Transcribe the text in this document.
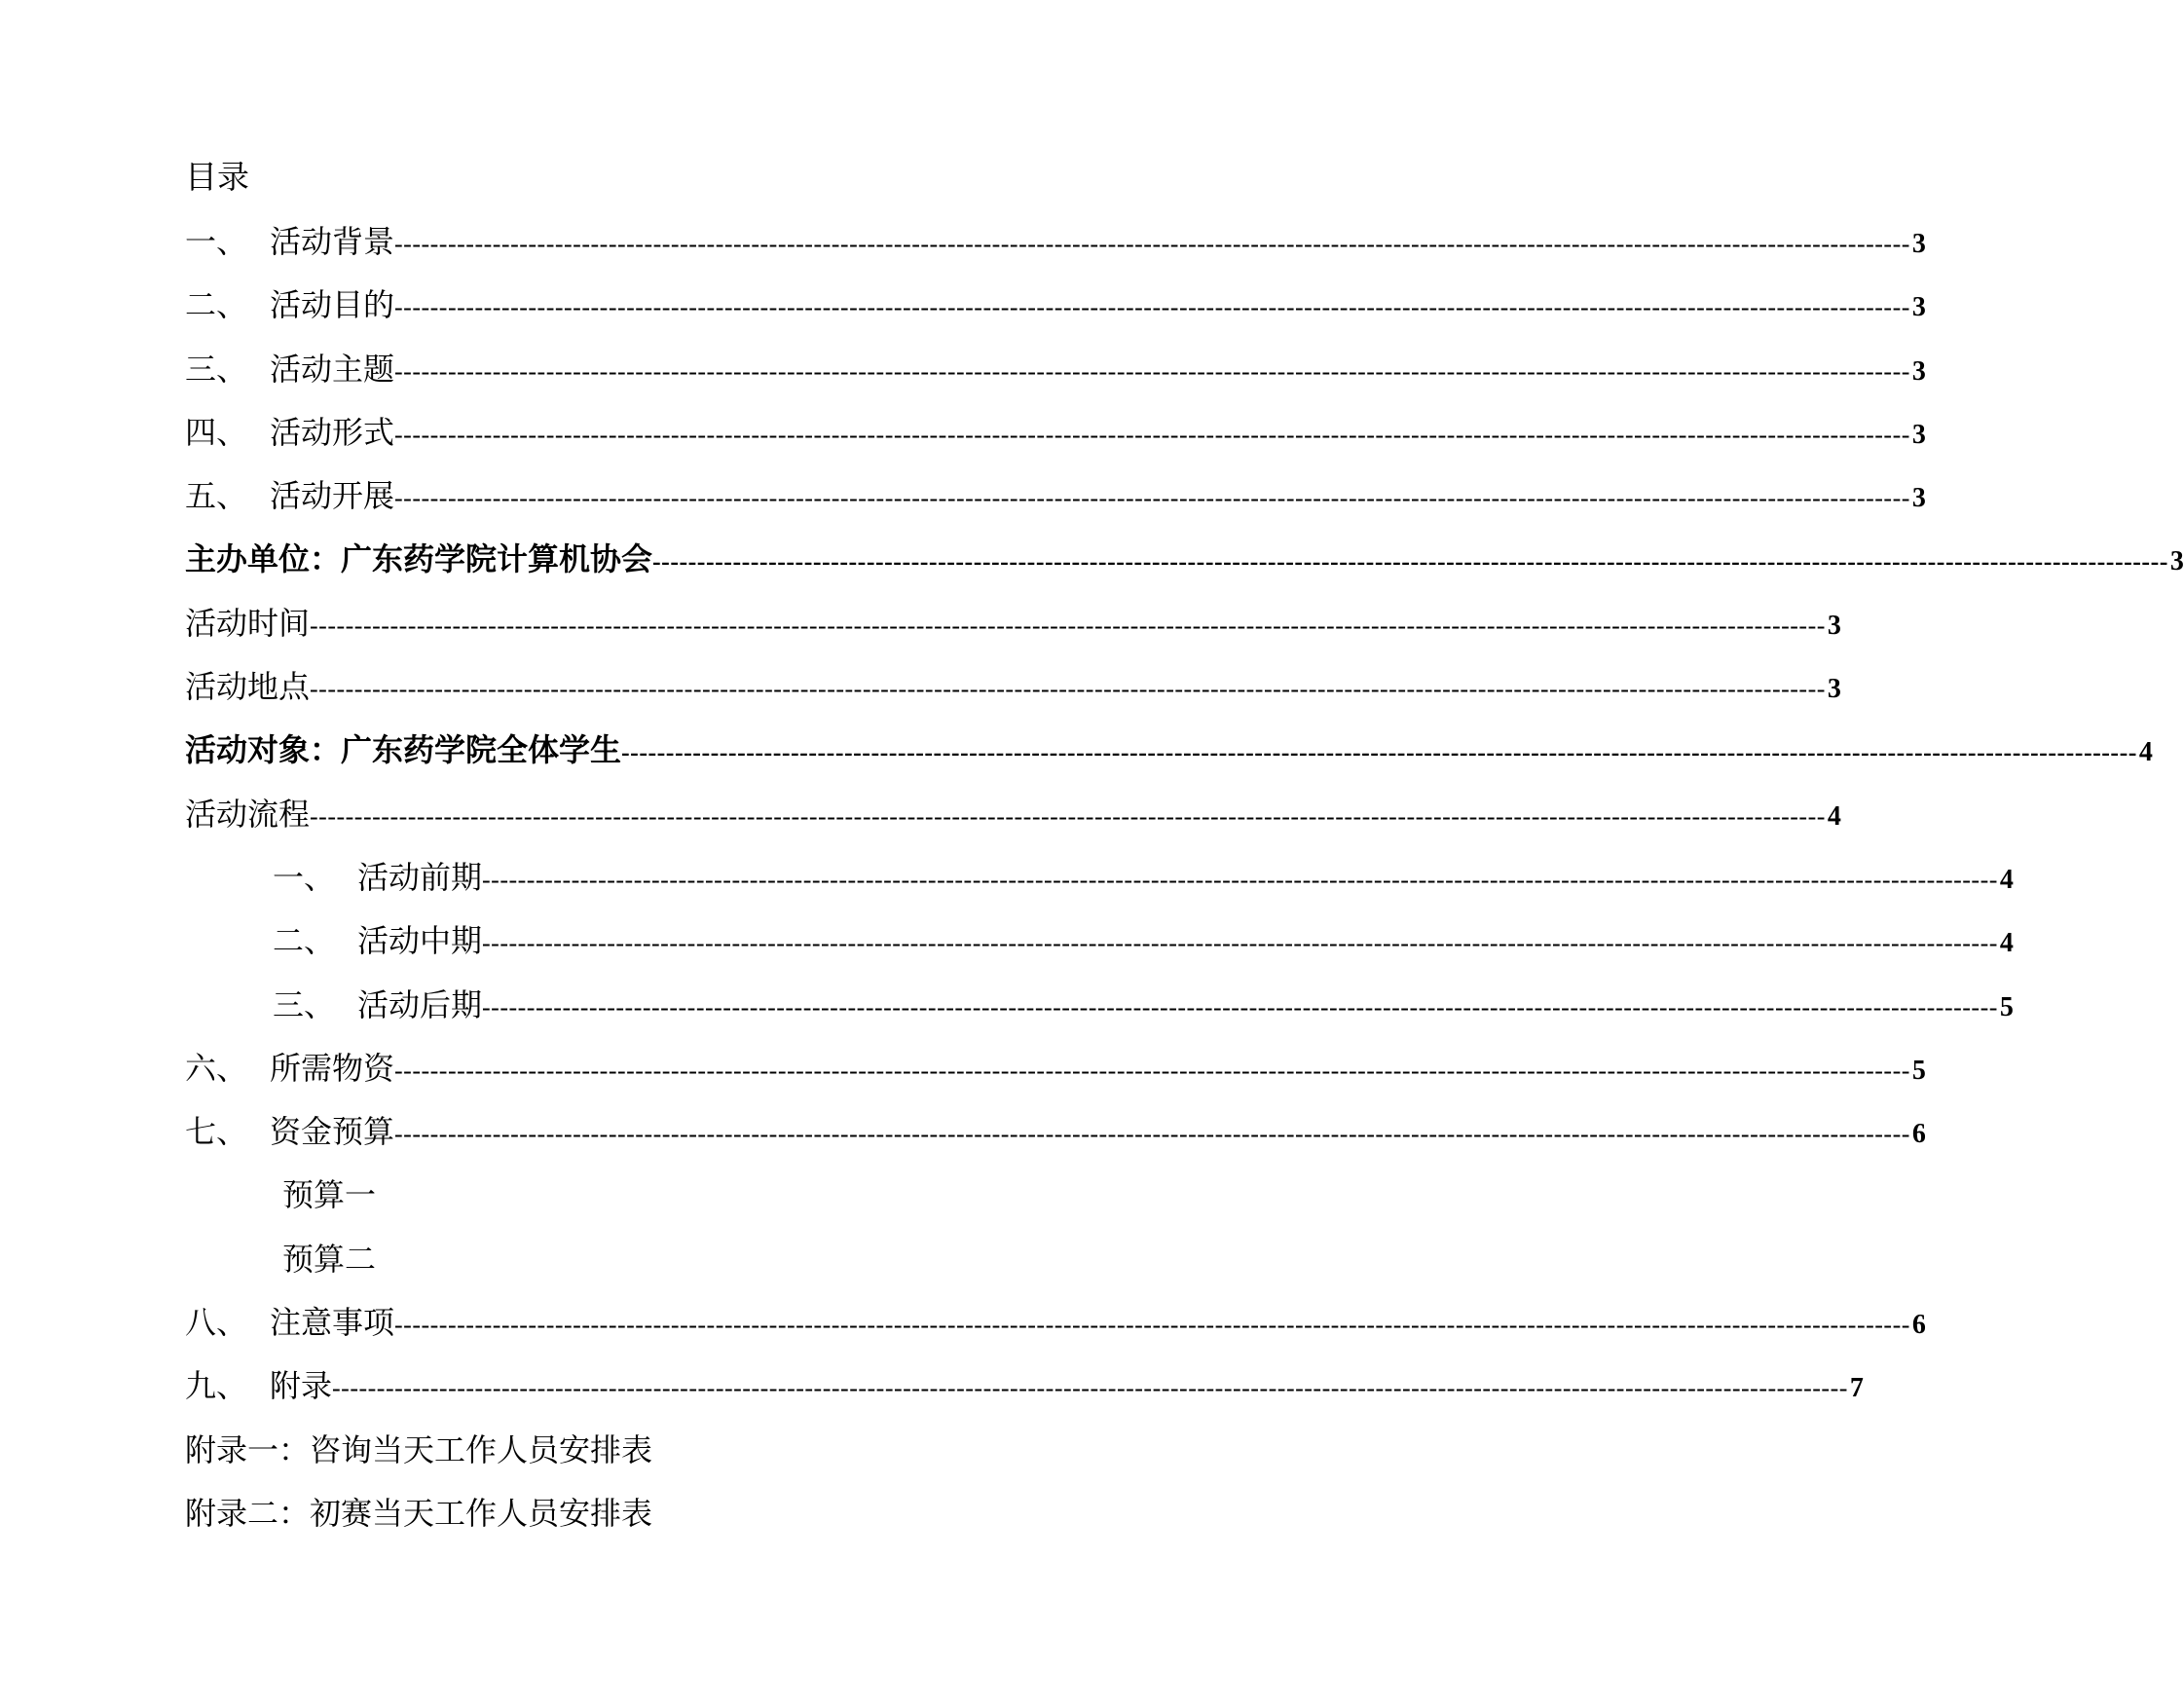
目录
一、 活动背景 -------------------------------------------------------------------------------------------------------------------------------------------------------------------------- 3
二、 活动目的 -------------------------------------------------------------------------------------------------------------------------------------------------------------------------- 3
三、 活动主题 -------------------------------------------------------------------------------------------------------------------------------------------------------------------------- 3
四、 活动形式 -------------------------------------------------------------------------------------------------------------------------------------------------------------------------- 3
五、 活动开展 -------------------------------------------------------------------------------------------------------------------------------------------------------------------------- 3
主办单位：广东药学院计算机协会 -------------------------------------------------------------------------------------------------------------------------------------------------------------------------- 3
活动时间 -------------------------------------------------------------------------------------------------------------------------------------------------------------------------- 3
活动地点 -------------------------------------------------------------------------------------------------------------------------------------------------------------------------- 3
活动对象：广东药学院全体学生 -------------------------------------------------------------------------------------------------------------------------------------------------------------------------- 4
活动流程 -------------------------------------------------------------------------------------------------------------------------------------------------------------------------- 4
一、 活动前期 -------------------------------------------------------------------------------------------------------------------------------------------------------------------------- 4
二、 活动中期 -------------------------------------------------------------------------------------------------------------------------------------------------------------------------- 4
三、 活动后期 -------------------------------------------------------------------------------------------------------------------------------------------------------------------------- 5
六、 所需物资 -------------------------------------------------------------------------------------------------------------------------------------------------------------------------- 5
七、 资金预算 -------------------------------------------------------------------------------------------------------------------------------------------------------------------------- 6
预算一
预算二
八、 注意事项 -------------------------------------------------------------------------------------------------------------------------------------------------------------------------- 6
九、 附录 -------------------------------------------------------------------------------------------------------------------------------------------------------------------------- 7
附录一：咨询当天工作人员安排表
附录二：初赛当天工作人员安排表
